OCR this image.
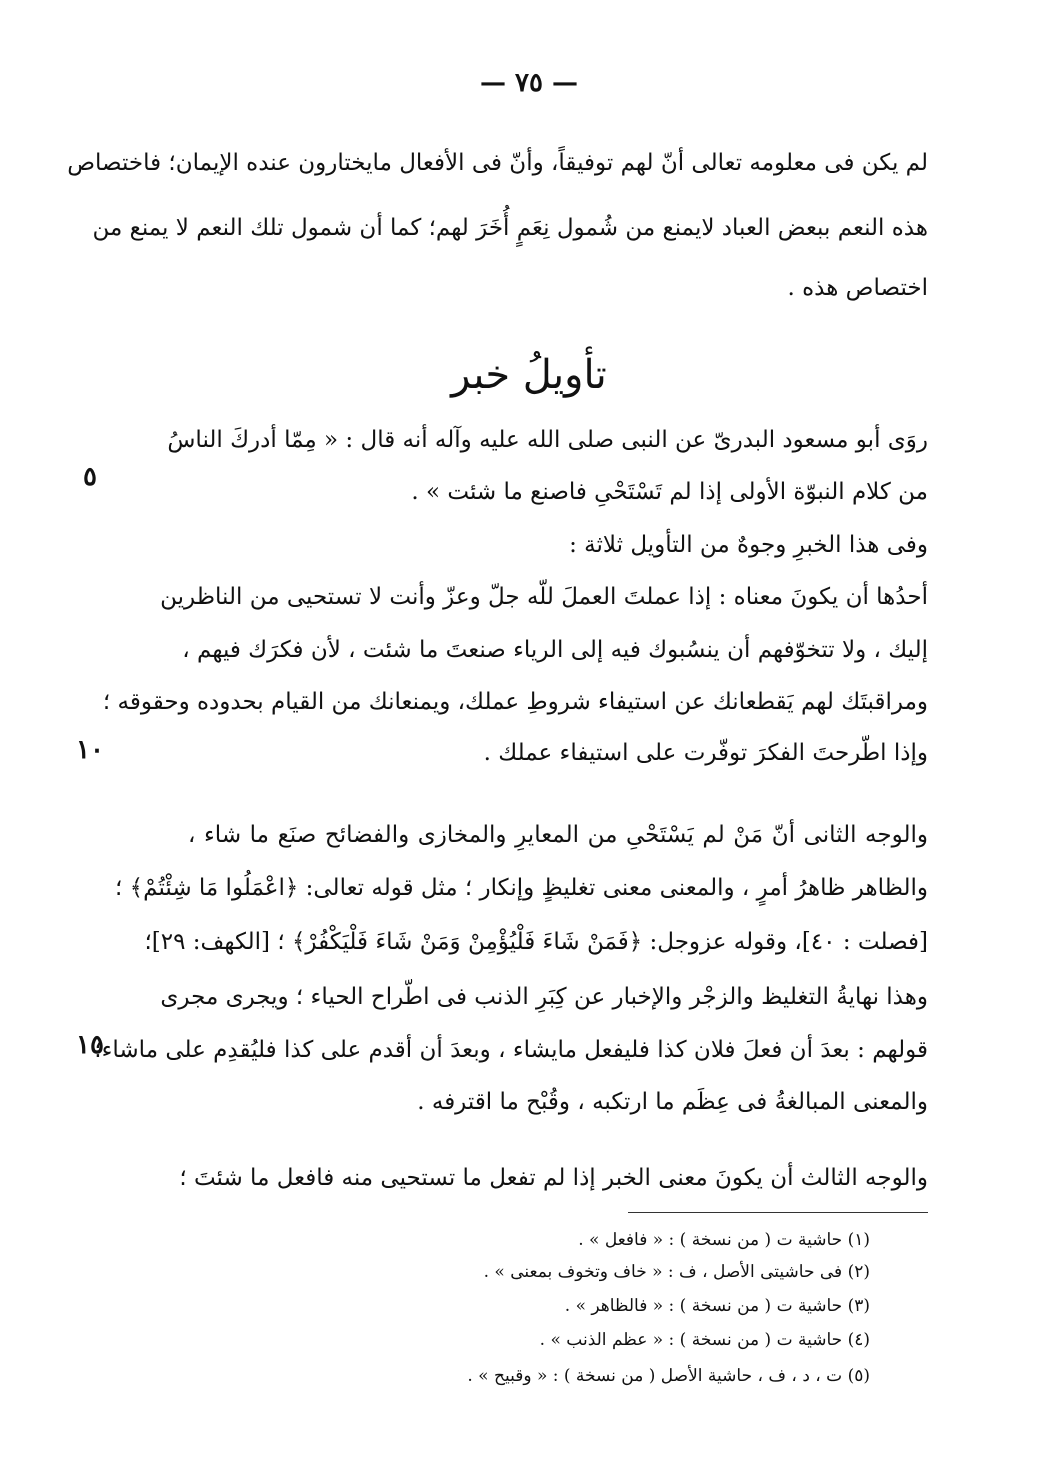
— ٧٥ —
لم يكن فى معلومه تعالى أنّ لهم توفيقاً، وأنّ فى الأفعال مايختارون عنده الإيمان؛ فاختصاص
هذه النعم ببعض العباد لايمنع من شُمول نِعَمٍ أُخَرَ لهم؛ كما أن شمول تلك النعم لا يمنع من
اختصاص هذه .
تأويلُ خبر
روَى أبو مسعود البدرىّ عن النبى صلى الله عليه وآله أنه قال : « مِمّا أدركَ الناسُ
من كلام النبوّة الأولى إذا لم تَسْتَحْىِ فاصنع ما شئت » .
وفى هذا الخبرِ وجوهٌ من التأويل ثلاثة :
أحدُها أن يكونَ معناه : إذا عملتَ العملَ للّه جلّ وعزّ وأنت لا تستحيى من الناظرين
إليك ، ولا تتخوّفهم أن ينسُبوك فيه إلى الرياء صنعتَ ما شئت ، لأن فكرَك فيهم ،
ومراقبتَك لهم يَقطعانك عن استيفاء شروطِ عملك، ويمنعانك من القيام بحدوده وحقوقه ؛
وإذا اطّرحتَ الفكرَ توفّرت على استيفاء عملك .
والوجه الثانى أنّ مَنْ لم يَسْتَحْىِ من المعايرِ والمخازى والفضائح صنَع ما شاء ،
والظاهر ظاهرُ أمرٍ ، والمعنى معنى تغليظٍ وإنكار ؛ مثل قوله تعالى: ﴿اعْمَلُوا مَا شِئْتُمْ﴾ ؛
[فصلت : ٤٠]، وقوله عزوجل: ﴿فَمَنْ شَاءَ فَلْيُؤْمِنْ وَمَنْ شَاءَ فَلْيَكْفُرْ﴾ ؛ [الكهف: ٢٩]؛
وهذا نهايةُ التغليظ والزجْر والإخبار عن كِبَرِ الذنب فى اطّراح الحياء ؛ ويجرى مجرى
قولهم : بعدَ أن فعلَ فلان كذا فليفعل مايشاء ، وبعدَ أن أقدم على كذا فليُقدِم على ماشاء؛
والمعنى المبالغةُ فى عِظَم ما ارتكبه ، وقُبْح ما اقترفه .
والوجه الثالث أن يكونَ معنى الخبر إذا لم تفعل ما تستحيى منه فافعل ما شئتَ ؛
٥
١٠
١٥
(١) حاشية ت ( من نسخة ) : « فافعل » .
(٢) فى حاشيتى الأصل ، ف : « خاف وتخوف بمعنى » .
(٣) حاشية ت ( من نسخة ) : « فالظاهر » .
(٤) حاشية ت ( من نسخة ) : « عظم الذنب » .
(٥) ت ، د ، ف ، حاشية الأصل ( من نسخة ) : « وقبيح » .
